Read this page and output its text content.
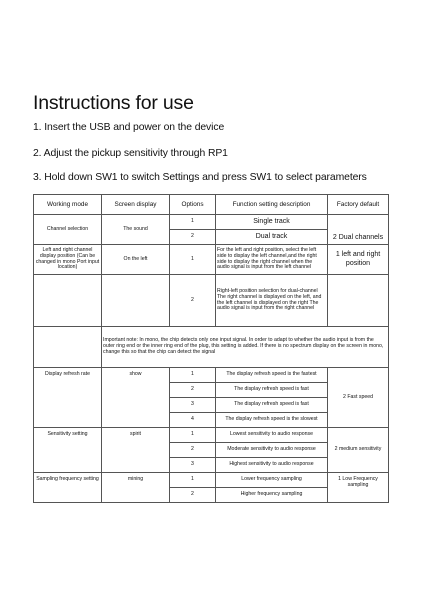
Instructions for use
1. Insert the USB and power on the device
2. Adjust the pickup sensitivity through RP1
3. Hold down SW1 to switch Settings and press SW1 to select parameters
Working mode	Screen display	Options	Function setting description	Factory default
Channel selection	The sound	1	Single track	2 Dual channels
		2	Dual track	
Left and right channel display position (Can be changed in mono Port input location)	On the left	1	For the left and right position, select the left side to display the left channel,and the right side to display the right channel when the audio signal is input from the left channel	1 left and right position
		2	Right-left position selection for dual-channel The right channel is displayed on the left, and the left channel is displayed on the right The audio signal is input from the right channel	
	Important note: In mono, the chip detects only one input signal. In order to adapt to whether the audio input is from the outer ring end or the inner ring end of the plug, this setting is added. If there is no spectrum display on the screen in mono, change this so that the chip can detect the signal			
Display refresh rate	show	1	The display refresh speed is the fastest	2 Fast speed
		2	The display refresh speed is fast	
		3	The display refresh speed is fast	
		4	The display refresh speed is the slowest	
Sensitivity setting	spirit	1	Lowest sensitivity to audio response	2 medium sensitivity
		2	Moderate sensitivity to audio response	
		3	Highest sensitivity to audio response	
Sampling frequency setting	mining	1	Lower frequency sampling	1 Low Frequency sampling
		2	Higher frequency sampling	
